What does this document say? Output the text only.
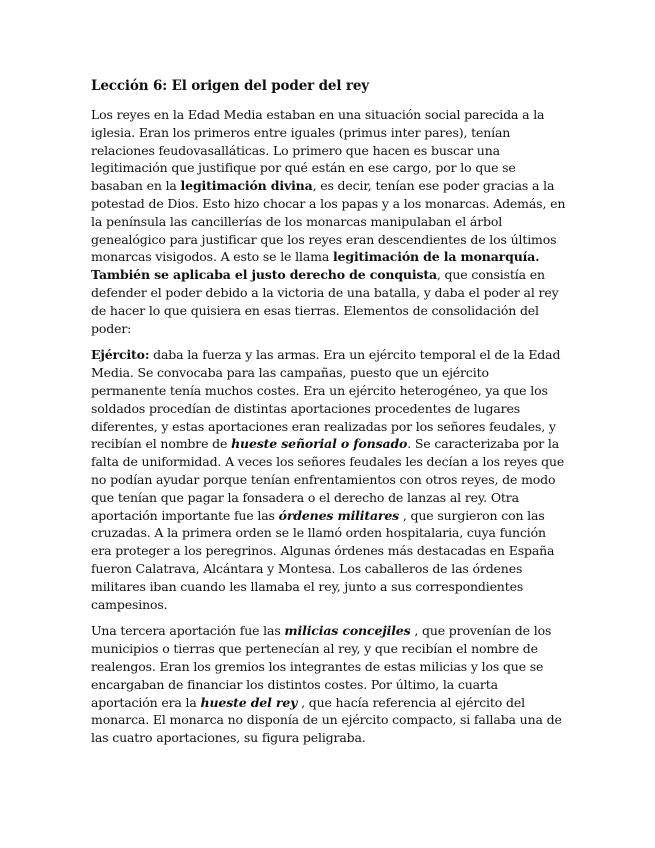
Lección 6: El origen del poder del rey

Los reyes en la Edad Media estaban en una situación social parecida a la iglesia. Eran los primeros entre iguales (primus inter pares), tenían relaciones feudovasalláticas. Lo primero que hacen es buscar una legitimación que justifique por qué están en ese cargo, por lo que se basaban en la legitimación divina, es decir, tenían ese poder gracias a la potestad de Dios. Esto hizo chocar a los papas y a los monarcas. Además, en la península las cancillerías de los monarcas manipulaban el árbol genealógico para justificar que los reyes eran descendientes de los últimos monarcas visigodos. A esto se le llama legitimación de la monarquía. También se aplicaba el justo derecho de conquista, que consistía en defender el poder debido a la victoria de una batalla, y daba el poder al rey de hacer lo que quisiera en esas tierras. Elementos de consolidación del poder:

Ejército: daba la fuerza y las armas. Era un ejército temporal el de la Edad Media. Se convocaba para las campañas, puesto que un ejército permanente tenía muchos costes. Era un ejército heterogéneo, ya que los soldados procedían de distintas aportaciones procedentes de lugares diferentes, y estas aportaciones eran realizadas por los señores feudales, y recibían el nombre de hueste señorial o fonsado. Se caracterizaba por la falta de uniformidad. A veces los señores feudales les decían a los reyes que no podían ayudar porque tenían enfrentamientos con otros reyes, de modo que tenían que pagar la fonsadera o el derecho de lanzas al rey. Otra aportación importante fue las órdenes militares , que surgieron con las cruzadas. A la primera orden se le llamó orden hospitalaria, cuya función era proteger a los peregrinos. Algunas órdenes más destacadas en España fueron Calatrava, Alcántara y Montesa. Los caballeros de las órdenes militares iban cuando les llamaba el rey, junto a sus correspondientes campesinos.

Una tercera aportación fue las milicias concejiles , que provenían de los municipios o tierras que pertenecían al rey, y que recibían el nombre de realengos. Eran los gremios los integrantes de estas milicias y los que se encargaban de financiar los distintos costes. Por último, la cuarta aportación era la hueste del rey , que hacía referencia al ejército del monarca. El monarca no disponía de un ejército compacto, si fallaba una de las cuatro aportaciones, su figura peligraba.
